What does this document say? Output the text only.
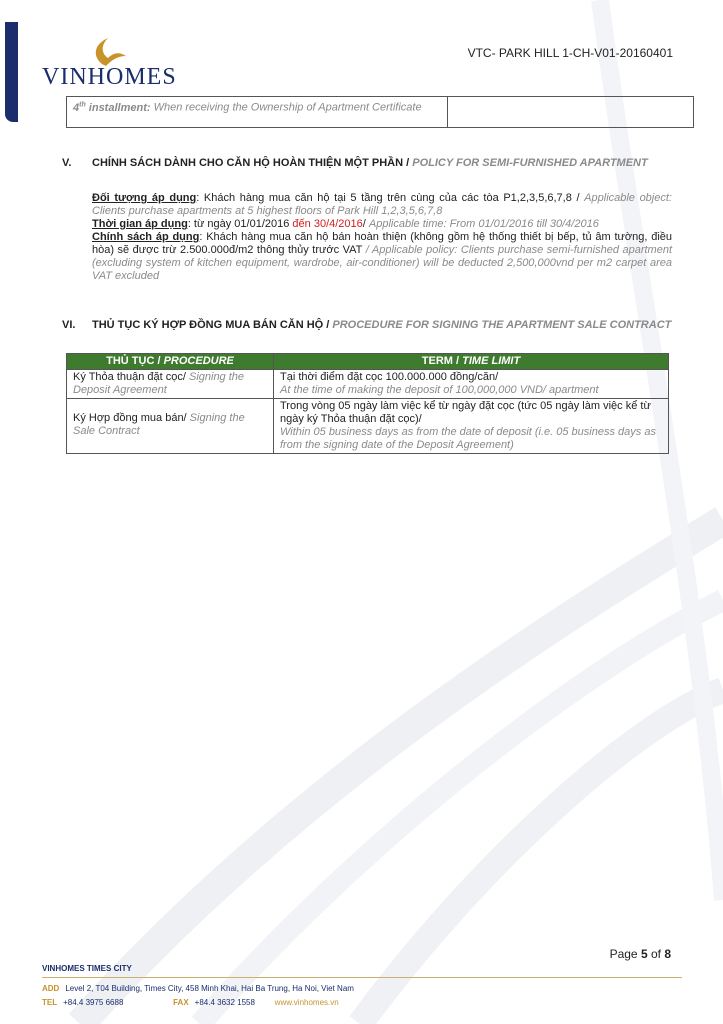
VINHOMES
VTC- PARK HILL 1-CH-V01-20160401
4th installment: When receiving the Ownership of Apartment Certificate	
V. CHÍNH SÁCH DÀNH CHO CĂN HỘ HOÀN THIỆN MỘT PHẦN / POLICY FOR SEMI-FURNISHED APARTMENT

Đối tượng áp dụng: Khách hàng mua căn hộ tại 5 tầng trên cùng của các tòa P1,2,3,5,6,7,8 / Applicable object: Clients purchase apartments at 5 highest floors of Park Hill 1,2,3,5,6,7,8

Thời gian áp dụng: từ ngày 01/01/2016 đến 30/4/2016/ Applicable time: From 01/01/2016 till 30/4/2016

Chính sách áp dụng: Khách hàng mua căn hộ bán hoàn thiện (không gồm hệ thống thiết bị bếp, tủ âm tường, điều hòa) sẽ được trừ 2.500.000đ/m2 thông thủy trước VAT / Applicable policy: Clients purchase semi-furnished apartment (excluding system of kitchen equipment, wardrobe, air-conditioner) will be deducted 2,500,000vnd per m2 carpet area VAT excluded

VI. THỦ TỤC KÝ HỢP ĐỒNG MUA BÁN CĂN HỘ / PROCEDURE FOR SIGNING THE APARTMENT SALE CONTRACT
THỦ TỤC / PROCEDURE	TERM / TIME LIMIT
Ký Thỏa thuận đặt cọc/ Signing the Deposit Agreement	Tại thời điểm đặt cọc 100.000.000 đồng/căn/
At the time of making the deposit of 100,000,000 VND/ apartment

Ký Hợp đồng mua bán/ Signing the Sale Contract	Trong vòng 05 ngày làm việc kể từ ngày đặt cọc (tức 05 ngày làm việc kể từ ngày ký Thỏa thuận đặt cọc)/
Within 05 business days as from the date of deposit (i.e. 05 business days as from the signing date of the Deposit Agreement)
Page 5 of 8
VINHOMES TIMES CITY
ADD Level 2, T04 Building, Times City, 458 Minh Khai, Hai Ba Trung, Ha Noi, Viet Nam
TEL +84.4 3975 6688	FAX +84.4 3632 1558 www.vinhomes.vn
